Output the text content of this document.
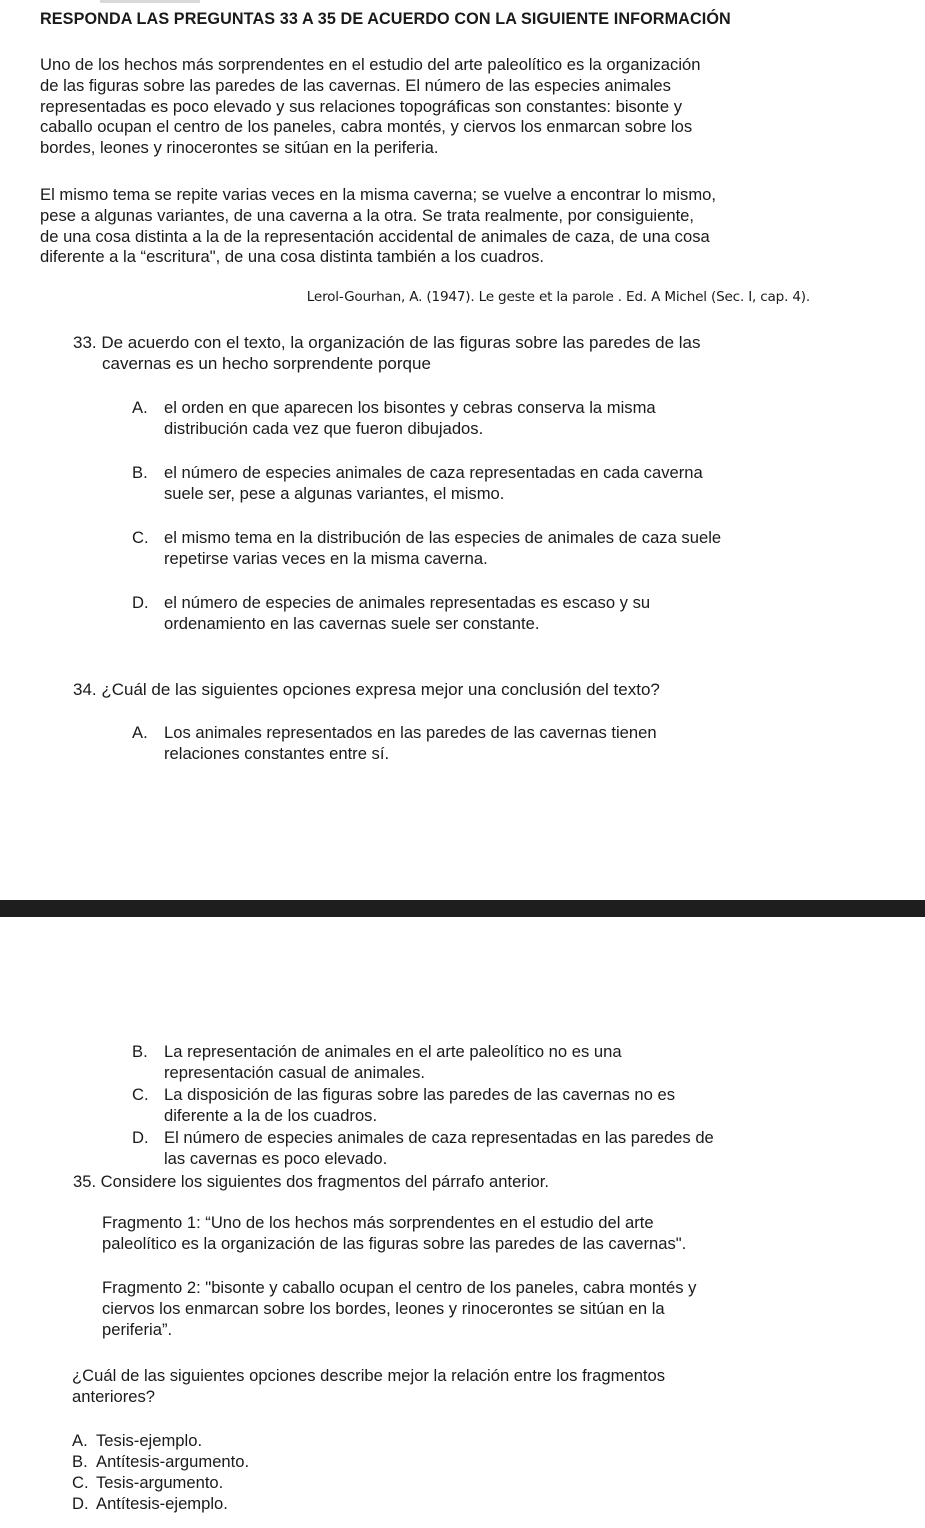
RESPONDA LAS PREGUNTAS 33 A 35 DE ACUERDO CON LA SIGUIENTE INFORMACIÓN
Uno de los hechos más sorprendentes en el estudio del arte paleolítico es la organización
de las figuras sobre las paredes de las cavernas. El número de las especies animales
representadas es poco elevado y sus relaciones topográficas son constantes: bisonte y
caballo ocupan el centro de los paneles, cabra montés, y ciervos los enmarcan sobre los
bordes, leones y rinocerontes se sitúan en la periferia.
El mismo tema se repite varias veces en la misma caverna; se vuelve a encontrar lo mismo,
pese a algunas variantes, de una caverna a la otra. Se trata realmente, por consiguiente,
de una cosa distinta a la de la representación accidental de animales de caza, de una cosa
diferente a la “escritura", de una cosa distinta también a los cuadros.
Lerol-Gourhan, A. (1947). Le geste et la parole . Ed. A Michel (Sec. I, cap. 4).
33. De acuerdo con el texto, la organización de las figuras sobre las paredes de las
cavernas es un hecho sorprendente porque
A. el orden en que aparecen los bisontes y cebras conserva la misma
distribución cada vez que fueron dibujados.
B. el número de especies animales de caza representadas en cada caverna
suele ser, pese a algunas variantes, el mismo.
C. el mismo tema en la distribución de las especies de animales de caza suele
repetirse varias veces en la misma caverna.
D. el número de especies de animales representadas es escaso y su
ordenamiento en las cavernas suele ser constante.
34. ¿Cuál de las siguientes opciones expresa mejor una conclusión del texto?
A. Los animales representados en las paredes de las cavernas tienen
relaciones constantes entre sí.
B. La representación de animales en el arte paleolítico no es una
representación casual de animales.
C. La disposición de las figuras sobre las paredes de las cavernas no es
diferente a la de los cuadros.
D. El número de especies animales de caza representadas en las paredes de
las cavernas es poco elevado.
35. Considere los siguientes dos fragmentos del párrafo anterior.
Fragmento 1: “Uno de los hechos más sorprendentes en el estudio del arte
paleolítico es la organización de las figuras sobre las paredes de las cavernas".
Fragmento 2: "bisonte y caballo ocupan el centro de los paneles, cabra montés y
ciervos los enmarcan sobre los bordes, leones y rinocerontes se sitúan en la
periferia”.
¿Cuál de las siguientes opciones describe mejor la relación entre los fragmentos
anteriores?
A. Tesis-ejemplo.
B. Antítesis-argumento.
C. Tesis-argumento.
D. Antítesis-ejemplo.
